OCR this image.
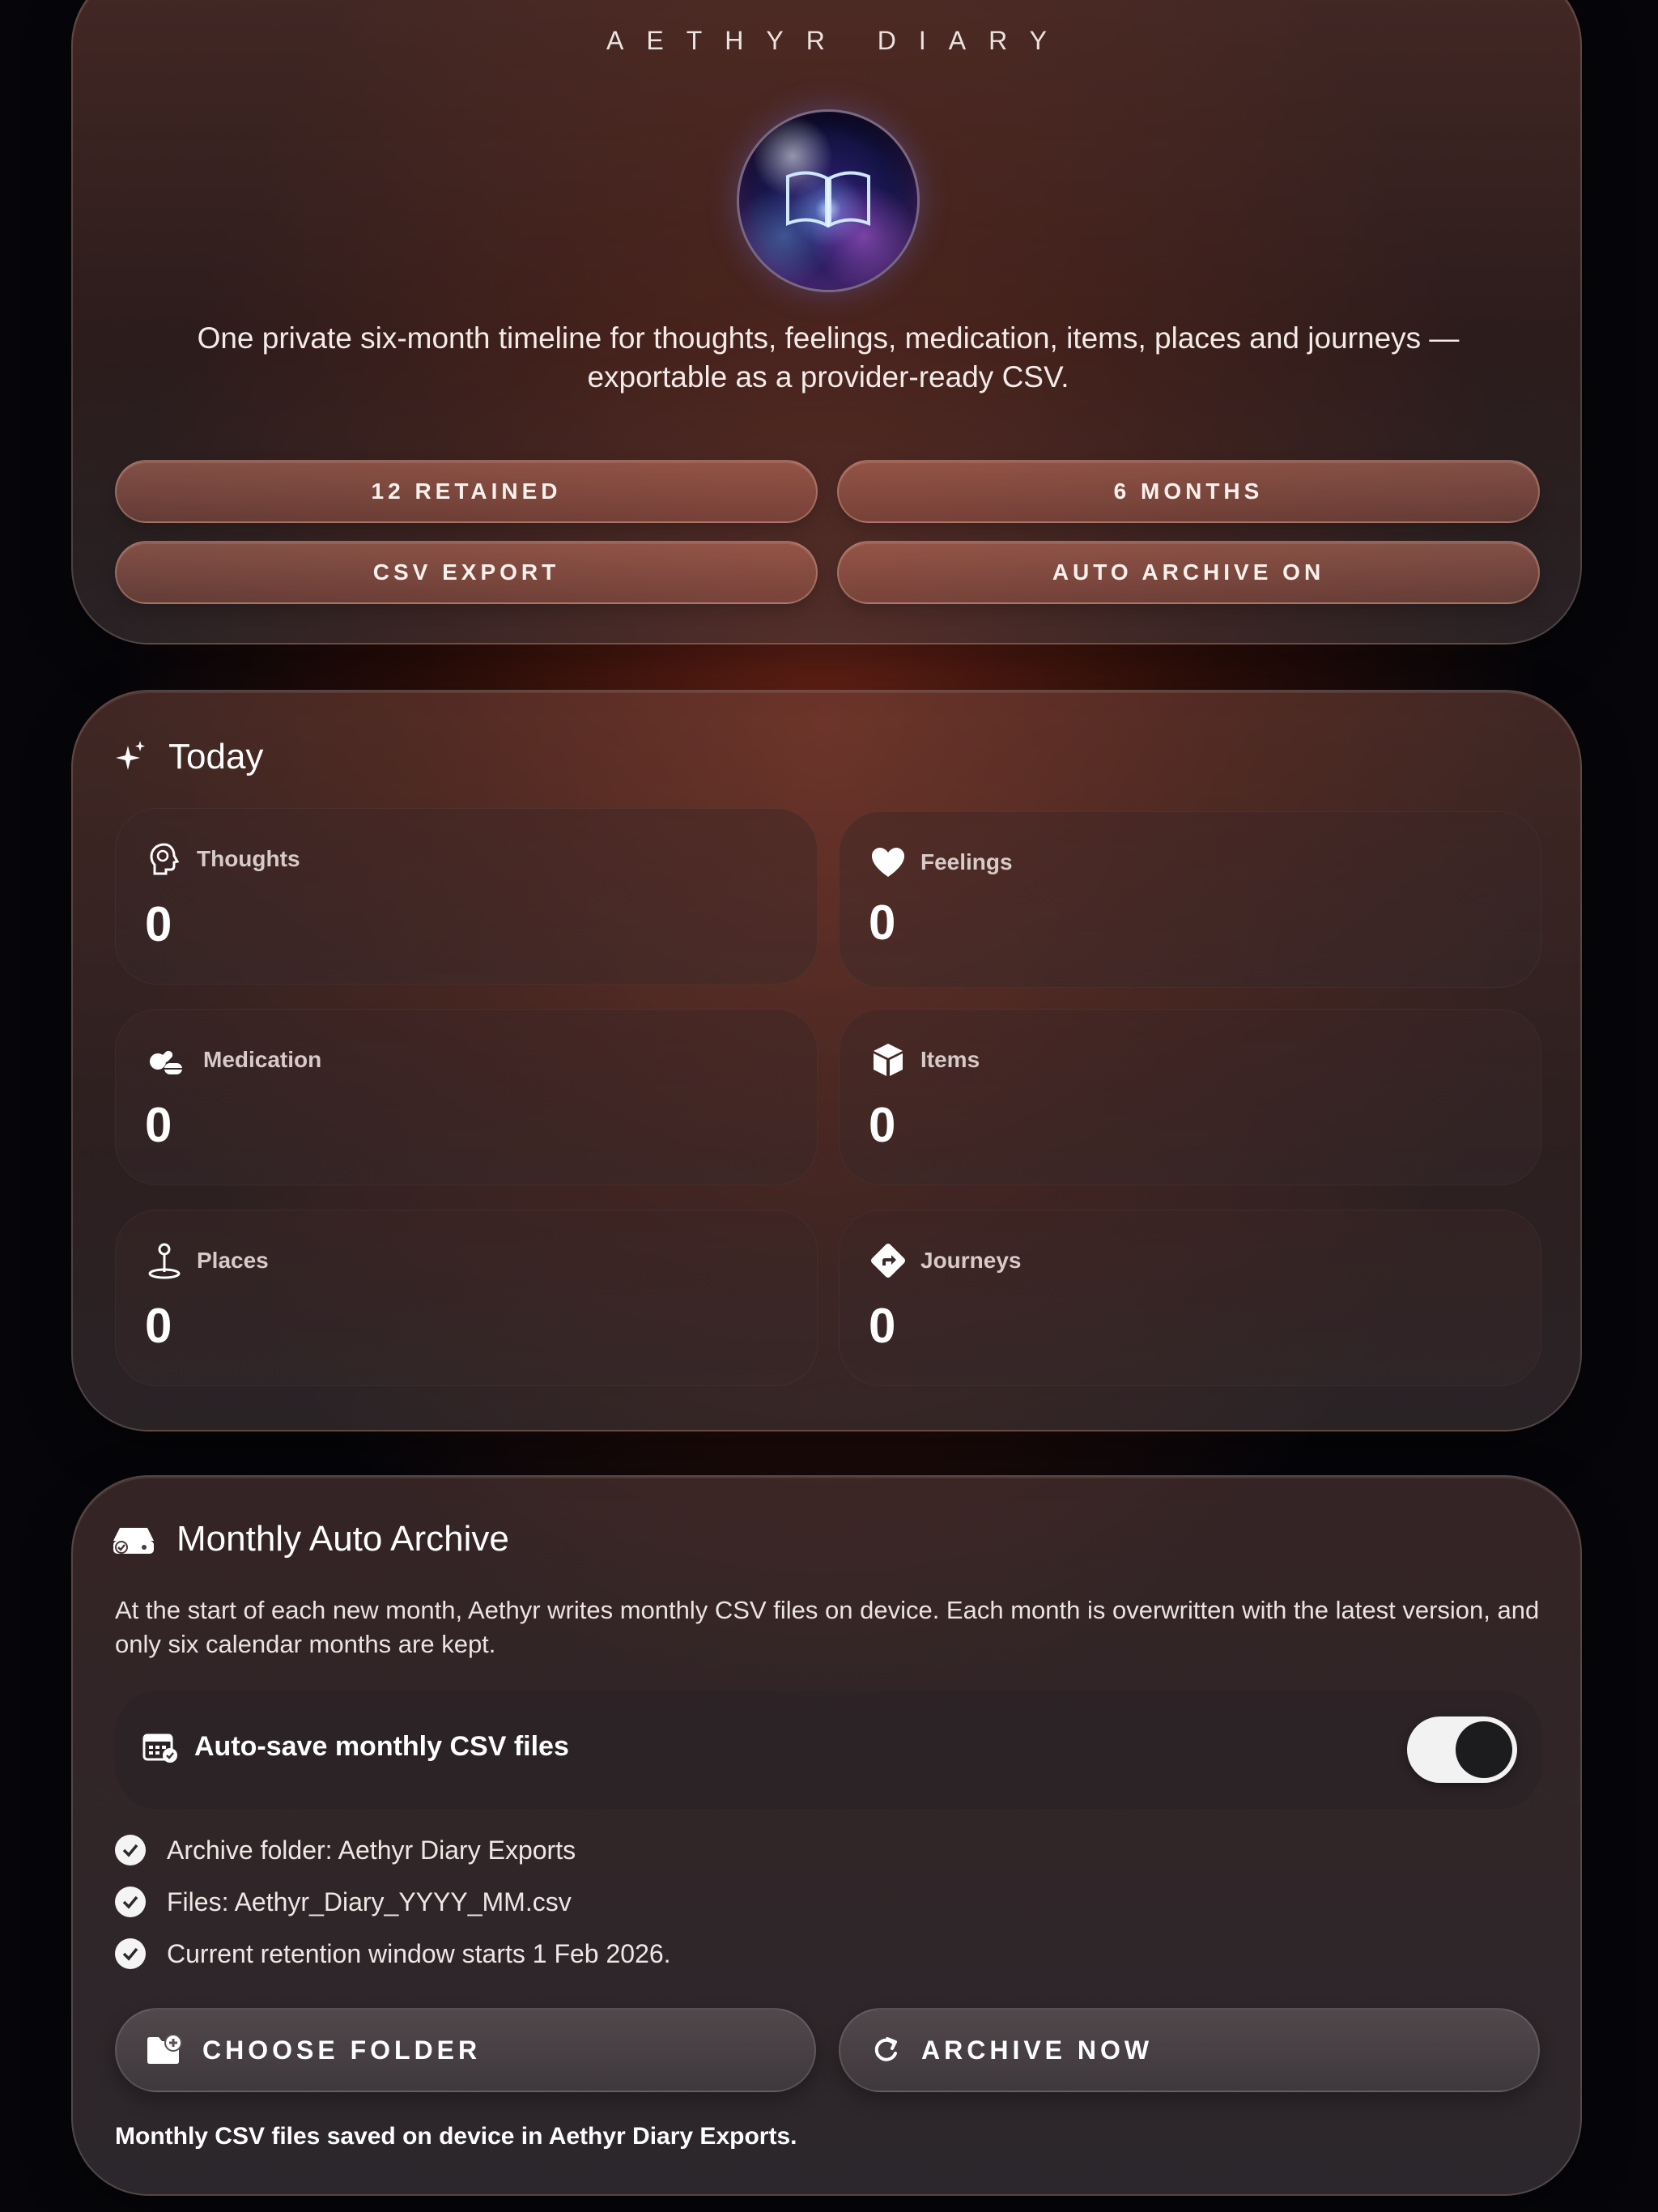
AETHYR DIARY

One private six-month timeline for thoughts, feelings, medication, items, places and journeys — exportable as a provider-ready CSV.

12 RETAINED	6 MONTHS
CSV EXPORT	AUTO ARCHIVE ON
Today
Thoughts
0
Feelings
0
Medication
0
Items
0
Places
0
Journeys
0
Monthly Auto Archive

At the start of each new month, Aethyr writes monthly CSV files on device. Each month is overwritten with the latest version, and only six calendar months are kept.

Auto-save monthly CSV files
Archive folder: Aethyr Diary Exports
Files: Aethyr_Diary_YYYY_MM.csv
Current retention window starts 1 Feb 2026.
CHOOSE FOLDER	ARCHIVE NOW

Monthly CSV files saved on device in Aethyr Diary Exports.
